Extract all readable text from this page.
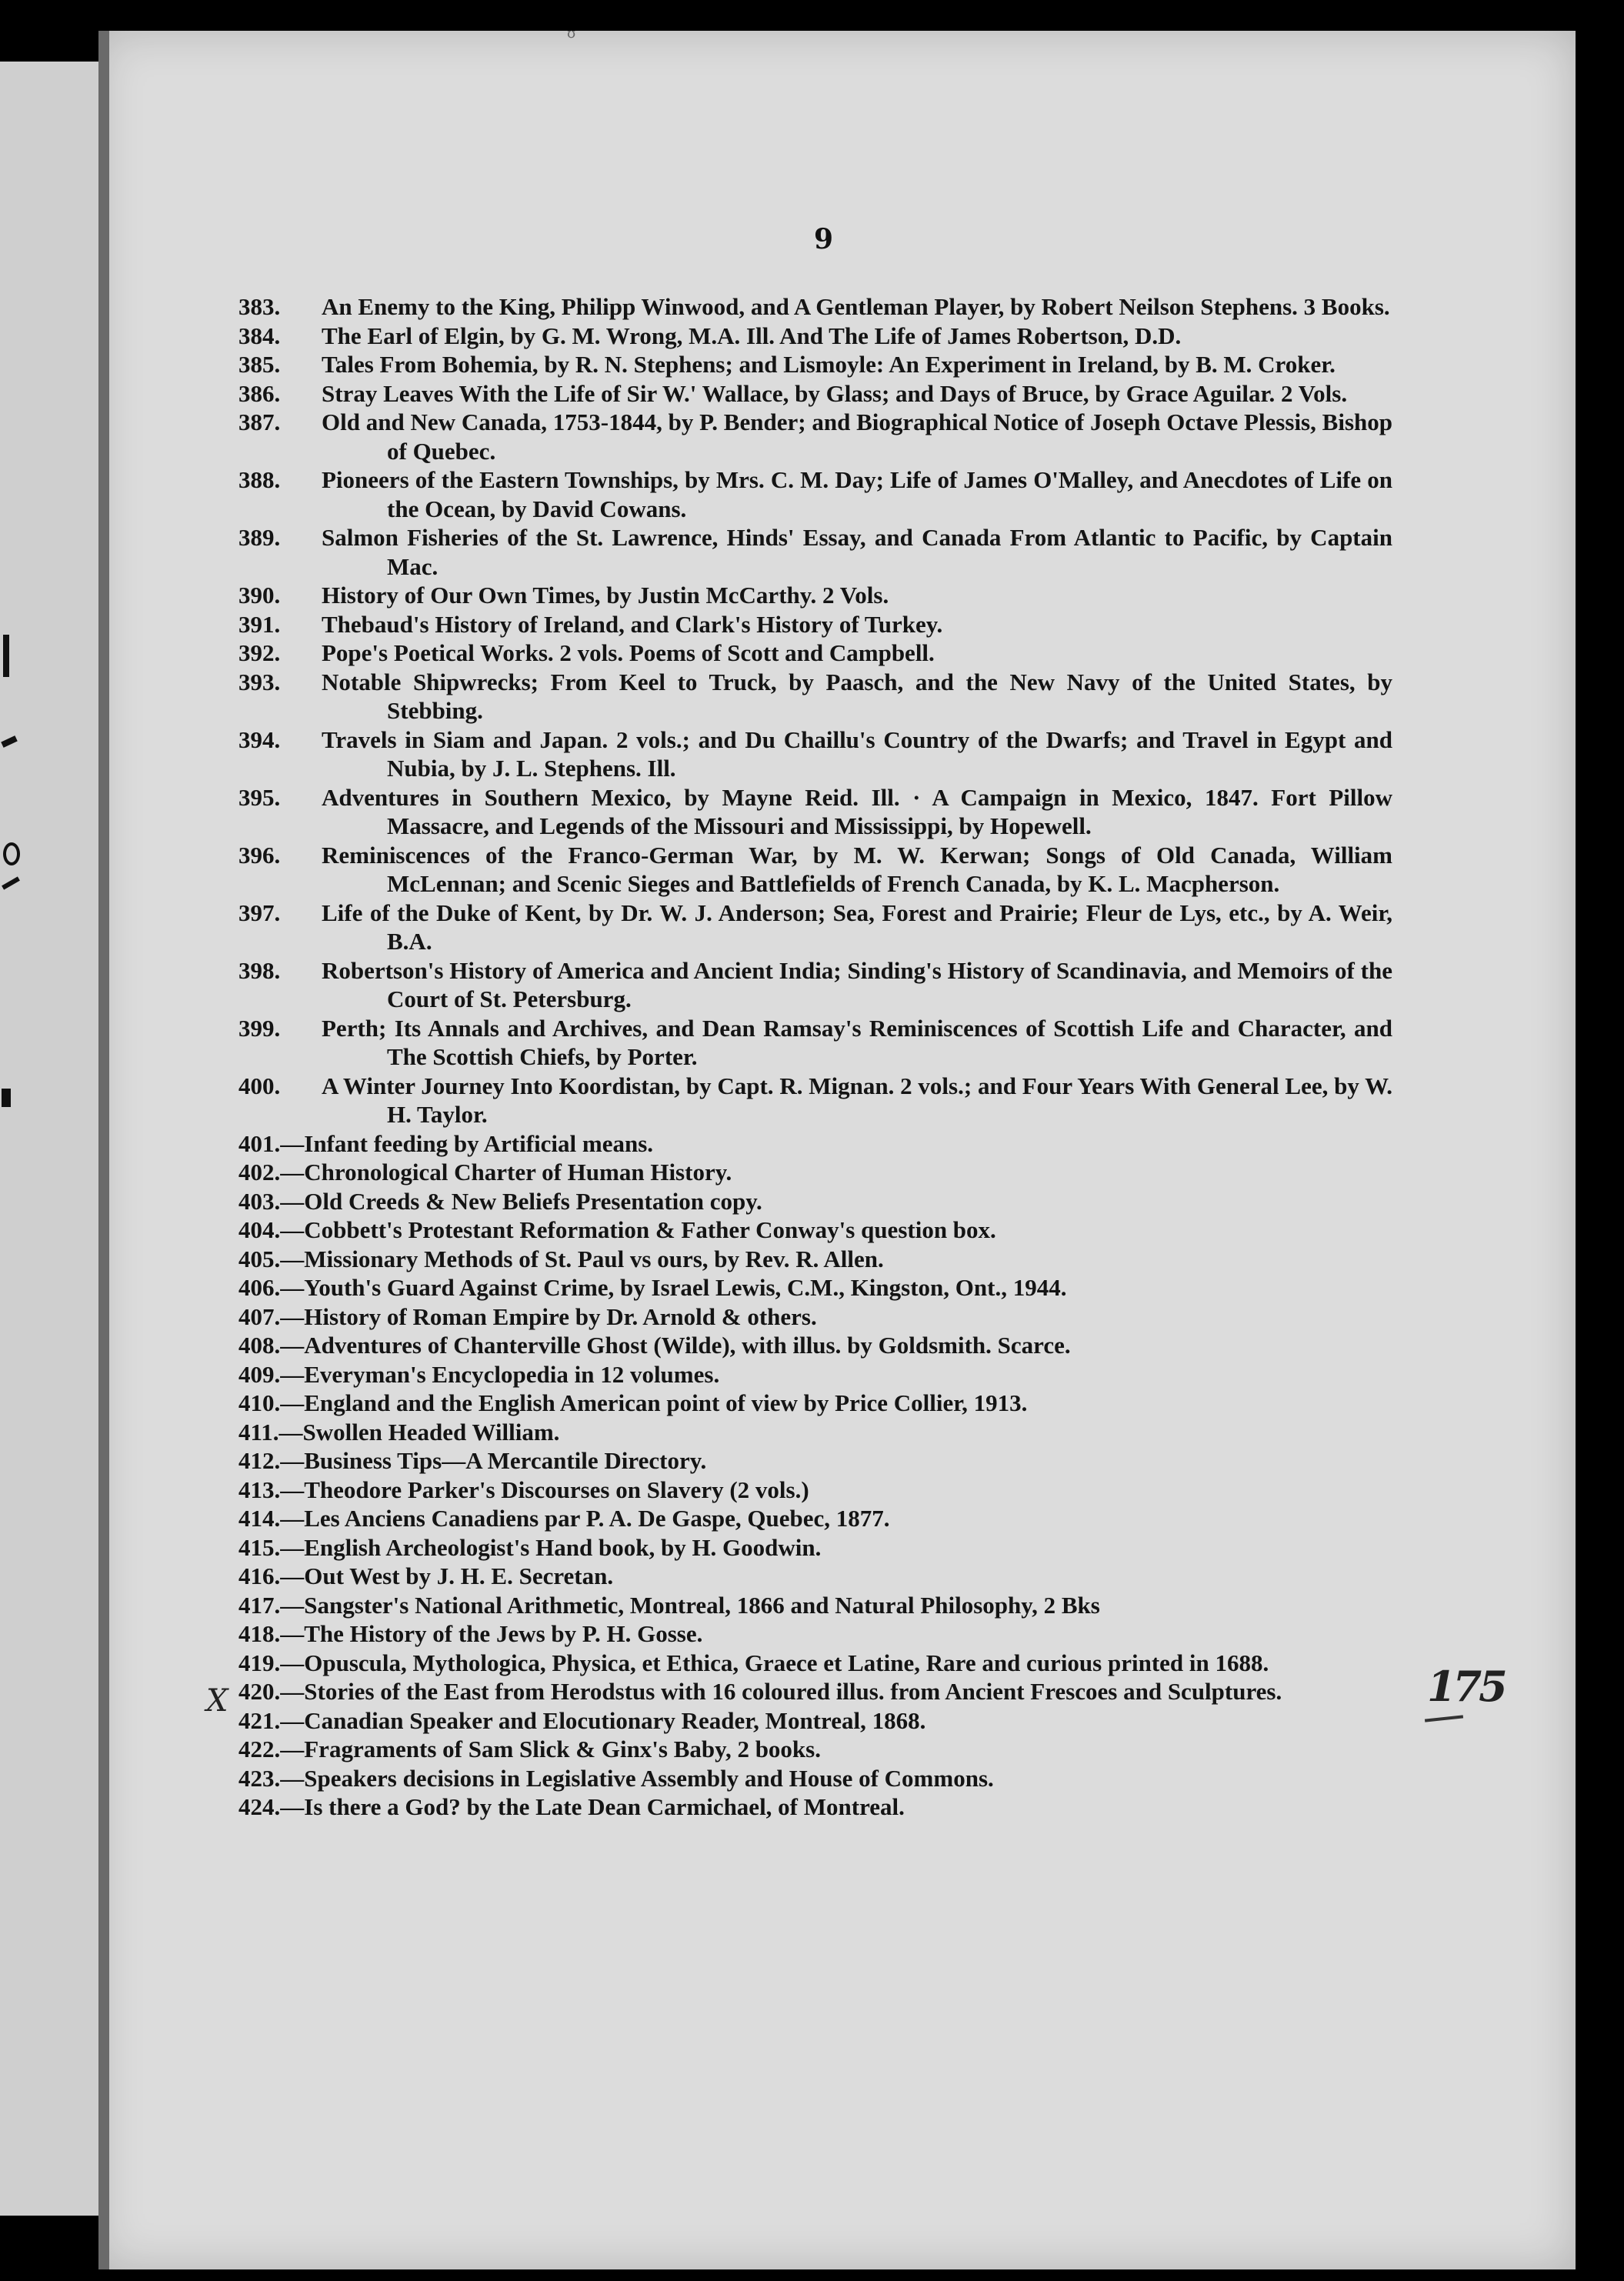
ʊ
9
383.	An Enemy to the King, Philipp Winwood, and A Gentleman Player, by Robert Neilson Stephens. 3 Books.
384.	The Earl of Elgin, by G. M. Wrong, M.A. Ill. And The Life of James Robertson, D.D.
385.	Tales From Bohemia, by R. N. Stephens; and Lismoyle: An Experiment in Ireland, by B. M. Croker.
386.	Stray Leaves With the Life of Sir W.' Wallace, by Glass; and Days of Bruce, by Grace Aguilar. 2 Vols.
387.	Old and New Canada, 1753-1844, by P. Bender; and Biographical Notice of Joseph Octave Plessis, Bishop of Quebec.
388.	Pioneers of the Eastern Townships, by Mrs. C. M. Day; Life of James O'Malley, and Anecdotes of Life on the Ocean, by David Cowans.
389.	Salmon Fisheries of the St. Lawrence, Hinds' Essay, and Canada From Atlantic to Pacific, by Captain Mac.
390.	History of Our Own Times, by Justin McCarthy. 2 Vols.
391.	Thebaud's History of Ireland, and Clark's History of Turkey.
392.	Pope's Poetical Works. 2 vols. Poems of Scott and Campbell.
393.	Notable Shipwrecks; From Keel to Truck, by Paasch, and the New Navy of the United States, by Stebbing.
394.	Travels in Siam and Japan. 2 vols.; and Du Chaillu's Country of the Dwarfs; and Travel in Egypt and Nubia, by J. L. Stephens. Ill.
395.	Adventures in Southern Mexico, by Mayne Reid. Ill. · A Campaign in Mexico, 1847. Fort Pillow Massacre, and Legends of the Missouri and Mississippi, by Hopewell.
396.	Reminiscences of the Franco-German War, by M. W. Kerwan; Songs of Old Canada, William McLennan; and Scenic Sieges and Battlefields of French Canada, by K. L. Macpherson.
397.	Life of the Duke of Kent, by Dr. W. J. Anderson; Sea, Forest and Prairie; Fleur de Lys, etc., by A. Weir, B.A.
398.	Robertson's History of America and Ancient India; Sinding's History of Scandinavia, and Memoirs of the Court of St. Petersburg.
399.	Perth; Its Annals and Archives, and Dean Ramsay's Reminiscences of Scottish Life and Character, and The Scottish Chiefs, by Porter.
400.	A Winter Journey Into Koordistan, by Capt. R. Mignan. 2 vols.; and Four Years With General Lee, by W. H. Taylor.
401.— Infant feeding by Artificial means.
402.— Chronological Charter of Human History.
403.— Old Creeds & New Beliefs Presentation copy.
404.— Cobbett's Protestant Reformation & Father Conway's question box.
405.— Missionary Methods of St. Paul vs ours, by Rev. R. Allen.
406.— Youth's Guard Against Crime, by Israel Lewis, C.M., Kingston, Ont., 1944.
407.— History of Roman Empire by Dr. Arnold & others.
408.— Adventures of Chanterville Ghost (Wilde), with illus. by Goldsmith. Scarce.
409.— Everyman's Encyclopedia in 12 volumes.
410.— England and the English American point of view by Price Collier, 1913.
411.— Swollen Headed William.
412.— Business Tips—A Mercantile Directory.
413.— Theodore Parker's Discourses on Slavery (2 vols.)
414.— Les Anciens Canadiens par P. A. De Gaspe, Quebec, 1877.
415.— English Archeologist's Hand book, by H. Goodwin.
416.— Out West by J. H. E. Secretan.
417.— Sangster's National Arithmetic, Montreal, 1866 and Natural Philosophy, 2 Bks
418.— The History of the Jews by P. H. Gosse.
419.— Opuscula, Mythologica, Physica, et Ethica, Graece et Latine, Rare and curious printed in 1688.
420.— Stories of the East from Herodstus with 16 coloured illus. from Ancient Frescoes and Sculptures.
421.— Canadian Speaker and Elocutionary Reader, Montreal, 1868.
422.— Fragraments of Sam Slick & Ginx's Baby, 2 books.
423.— Speakers decisions in Legislative Assembly and House of Commons.
424.— Is there a God? by the Late Dean Carmichael, of Montreal.
X	175
